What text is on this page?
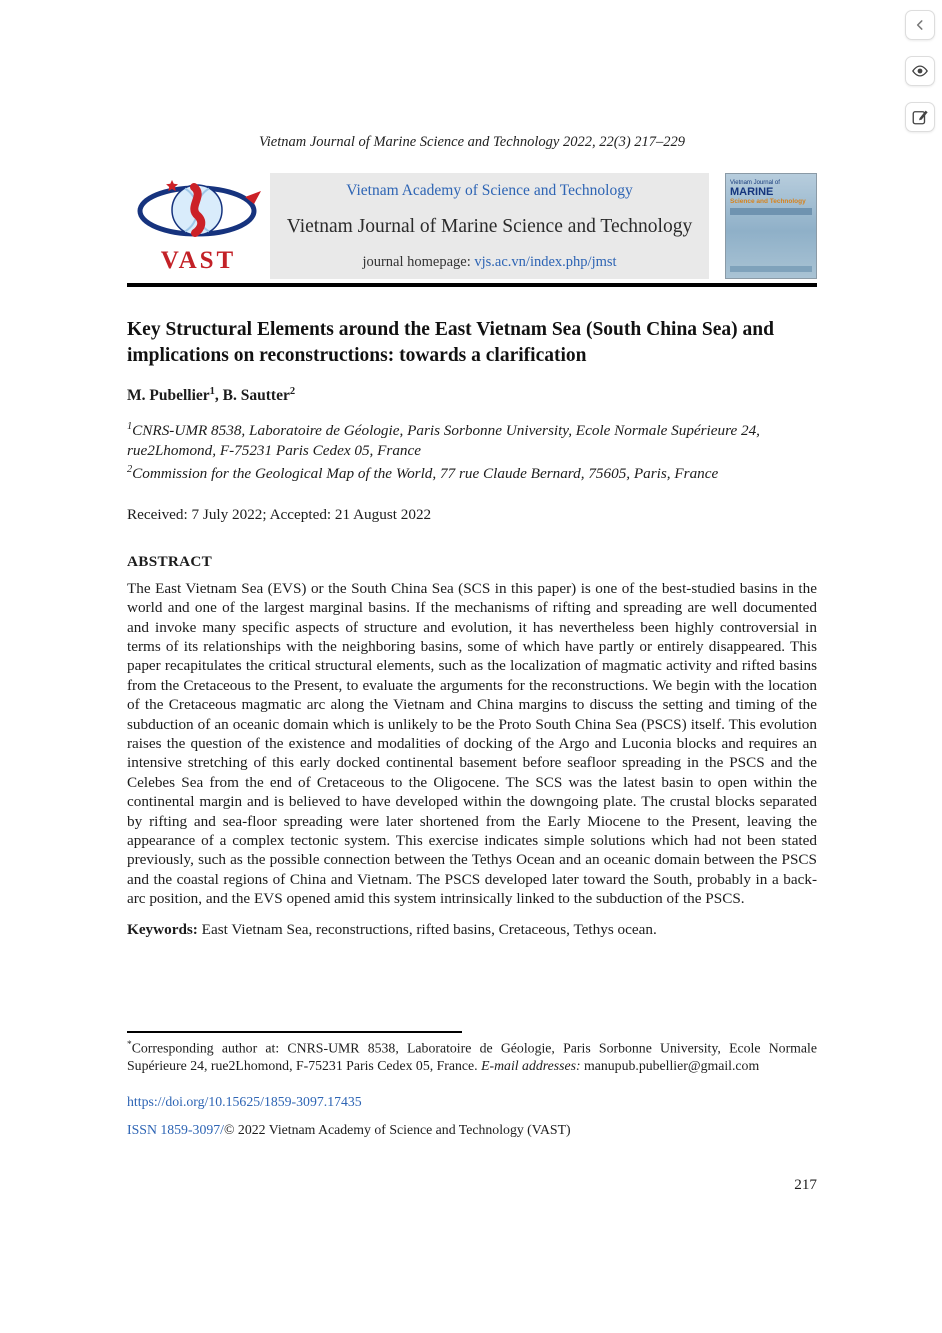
Vietnam Journal of Marine Science and Technology 2022, 22(3) 217–229
VAST
Vietnam Academy of Science and Technology
Vietnam Journal of Marine Science and Technology
journal homepage: vjs.ac.vn/index.php/jmst
Vietnam Journal of
MARINE
Science and Technology
Key Structural Elements around the East Vietnam Sea (South China Sea) and implications on reconstructions: towards a clarification
M. Pubellier$^1$, B. Sautter$^2$
$^1$CNRS-UMR 8538, Laboratoire de Géologie, Paris Sorbonne University, Ecole Normale Supérieure 24, rue2Lhomond, F-75231 Paris Cedex 05, France
$^2$Commission for the Geological Map of the World, 77 rue Claude Bernard, 75605, Paris, France
Received: 7 July 2022; Accepted: 21 August 2022
ABSTRACT
The East Vietnam Sea (EVS) or the South China Sea (SCS in this paper) is one of the best-studied basins in the world and one of the largest marginal basins. If the mechanisms of rifting and spreading are well documented and invoke many specific aspects of structure and evolution, it has nevertheless been highly controversial in terms of its relationships with the neighboring basins, some of which have partly or entirely disappeared. This paper recapitulates the critical structural elements, such as the localization of magmatic activity and rifted basins from the Cretaceous to the Present, to evaluate the arguments for the reconstructions. We begin with the location of the Cretaceous magmatic arc along the Vietnam and China margins to discuss the setting and timing of the subduction of an oceanic domain which is unlikely to be the Proto South China Sea (PSCS) itself. This evolution raises the question of the existence and modalities of docking of the Argo and Luconia blocks and requires an intensive stretching of this early docked continental basement before seafloor spreading in the PSCS and the Celebes Sea from the end of Cretaceous to the Oligocene. The SCS was the latest basin to open within the continental margin and is believed to have developed within the downgoing plate. The crustal blocks separated by rifting and sea-floor spreading were later shortened from the Early Miocene to the Present, leaving the appearance of a complex tectonic system. This exercise indicates simple solutions which had not been stated previously, such as the possible connection between the Tethys Ocean and an oceanic domain between the PSCS and the coastal regions of China and Vietnam. The PSCS developed later toward the South, probably in a back-arc position, and the EVS opened amid this system intrinsically linked to the subduction of the PSCS.
Keywords: East Vietnam Sea, reconstructions, rifted basins, Cretaceous, Tethys ocean.
*Corresponding author at: CNRS-UMR 8538, Laboratoire de Géologie, Paris Sorbonne University, Ecole Normale Supérieure 24, rue2Lhomond, F-75231 Paris Cedex 05, France. E-mail addresses: manupub.pubellier@gmail.com
https://doi.org/10.15625/1859-3097.17435
ISSN 1859-3097/© 2022 Vietnam Academy of Science and Technology (VAST)
217
